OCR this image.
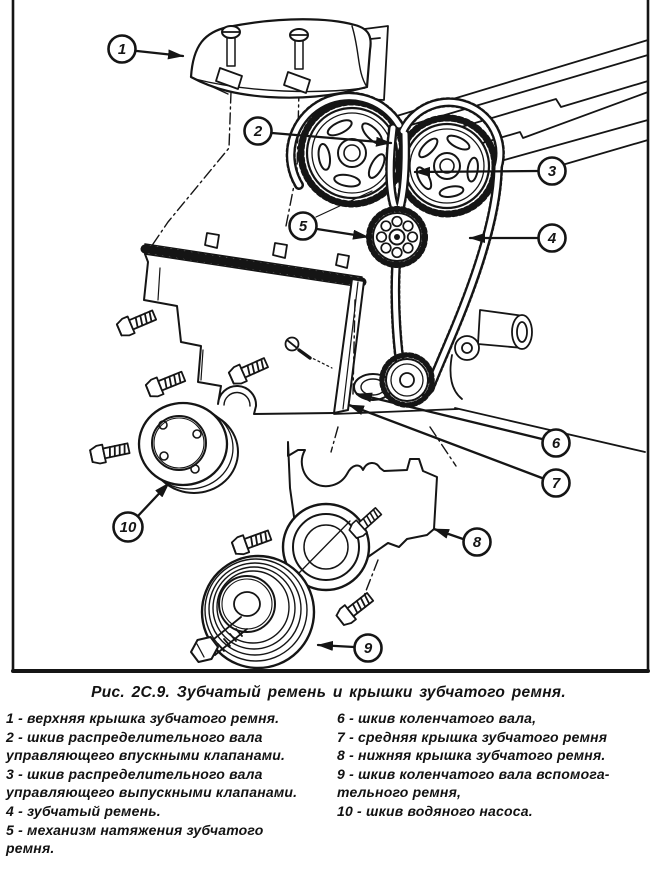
1
2
3
4
5
6
7
8
9
10
Рис. 2С.9. Зубчатый ремень и крышки зубчатого ремня.
1 - верхняя крышка зубчатого ремня.
2 - шкив распределительного вала
управляющего впускными клапанами.
3 - шкив распределительного вала
управляющего выпускными клапанами.
4 - зубчатый ремень.
5 - механизм натяжения зубчатого
ремня.
6 - шкив коленчатого вала,
7 - средняя крышка зубчатого ремня
8 - нижняя крышка зубчатого ремня.
9 - шкив коленчатого вала вспомога-
тельного ремня,
10 - шкив водяного насоса.
